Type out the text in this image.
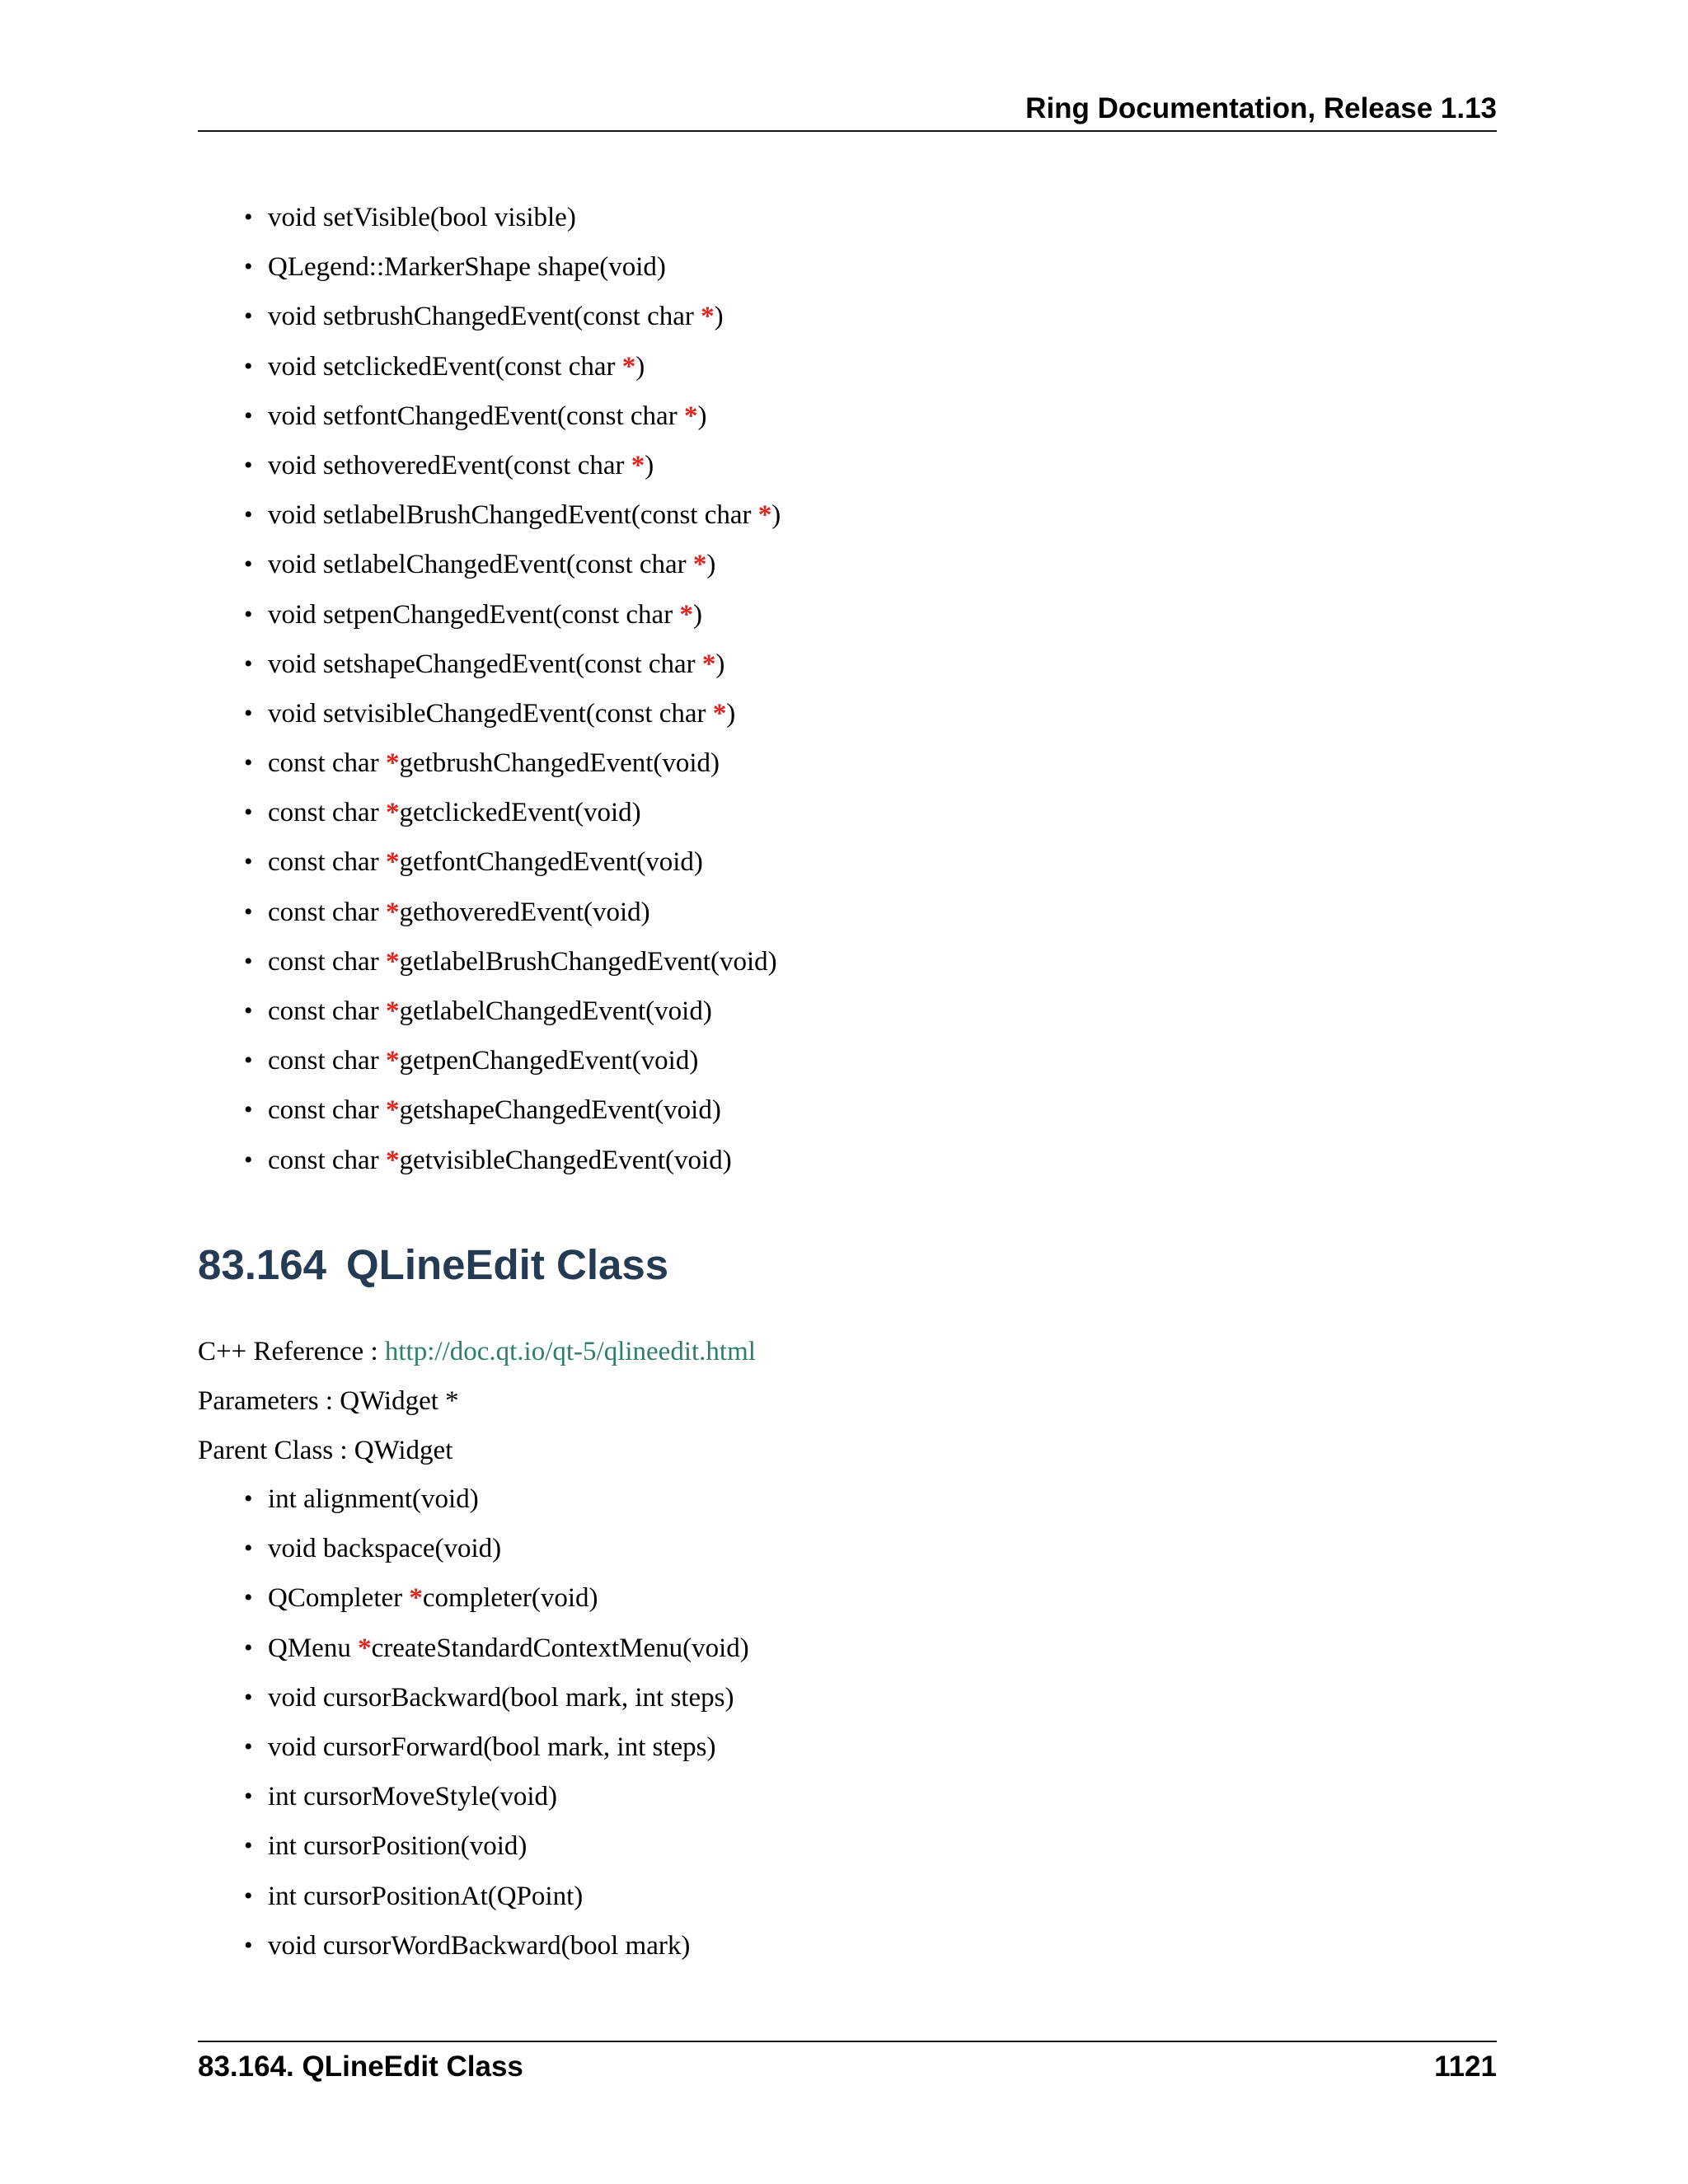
Ring Documentation, Release 1.13
• void setVisible(bool visible)
• QLegend::MarkerShape shape(void)
• void setbrushChangedEvent(const char *)
• void setclickedEvent(const char *)
• void setfontChangedEvent(const char *)
• void sethoveredEvent(const char *)
• void setlabelBrushChangedEvent(const char *)
• void setlabelChangedEvent(const char *)
• void setpenChangedEvent(const char *)
• void setshapeChangedEvent(const char *)
• void setvisibleChangedEvent(const char *)
• const char *getbrushChangedEvent(void)
• const char *getclickedEvent(void)
• const char *getfontChangedEvent(void)
• const char *gethoveredEvent(void)
• const char *getlabelBrushChangedEvent(void)
• const char *getlabelChangedEvent(void)
• const char *getpenChangedEvent(void)
• const char *getshapeChangedEvent(void)
• const char *getvisibleChangedEvent(void)
83.164 QLineEdit Class
C++ Reference : http://doc.qt.io/qt-5/qlineedit.html
Parameters : QWidget *
Parent Class : QWidget
• int alignment(void)
• void backspace(void)
• QCompleter *completer(void)
• QMenu *createStandardContextMenu(void)
• void cursorBackward(bool mark, int steps)
• void cursorForward(bool mark, int steps)
• int cursorMoveStyle(void)
• int cursorPosition(void)
• int cursorPositionAt(QPoint)
• void cursorWordBackward(bool mark)
83.164. QLineEdit Class	1121
